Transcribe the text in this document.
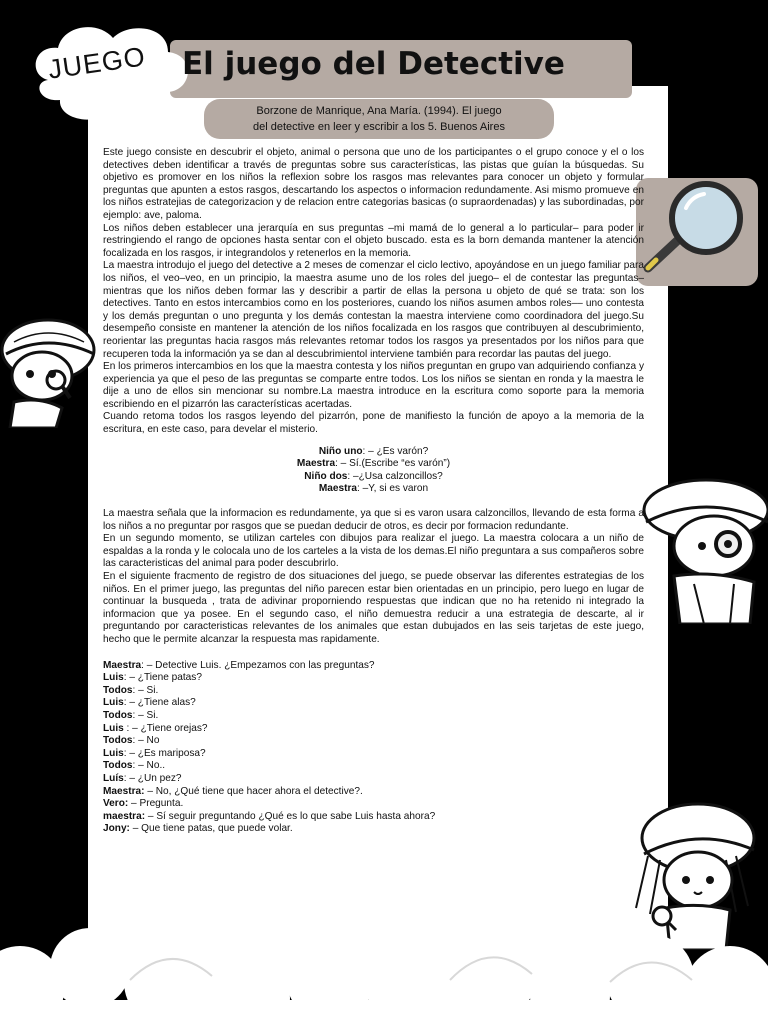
JUEGO El juego del Detective
Borzone de Manrique, Ana María. (1994). El juego
del detective en leer y escribir a los 5. Buenos Aires

Este juego consiste en descubrir el objeto, animal o persona que uno de los participantes o el grupo conoce y el o los detectives deben identificar a través de preguntas sobre sus características, las pistas que guían la búsquedas. Su objetivo es promover en los niños la reflexion sobre los rasgos mas relevantes para conocer un objeto y formular preguntas que apunten a estos rasgos, descartando los aspectos o informacion redundamente. Asi mismo promueve en los niños estratejias de categorizacion y de relacion entre categorias basicas (o supraordenadas) y las subordinadas, por ejemplo: ave, paloma.

Los niños deben establecer una jerarquía en sus preguntas –mi mamá de lo general a lo particular– para poder ir restringiendo el rango de opciones hasta sentar con el objeto buscado. esta es la born demanda mantener la atención focalizada en los rasgos, ir integrandolos y retenerlos en la memoria.

La maestra introdujo el juego del detective a 2 meses de comenzar el ciclo lectivo, apoyándose en un juego familiar para los niños, el veo–veo, en un principio, la maestra asume uno de los roles del juego– el de contestar las preguntas– mientras que los niños deben formar las y describir a partir de ellas la persona u objeto de qué se trata: son los detectives. Tanto en estos intercambios como en los posteriores, cuando los niños asumen ambos roles–– uno contesta y los demás preguntan o uno pregunta y los demás contestan la maestra interviene como coordinadora del juego.Su desempeño consiste en mantener la atención de los niños focalizada en los rasgos que contribuyen al descubrimiento, reorientar las preguntas hacia rasgos más relevantes retomar todos los rasgos ya presentados por los niños para que recuperen toda la información ya se dan al descubrimientol interviene también para recordar las pautas del juego.

En los primeros intercambios en los que la maestra contesta y los niños preguntan en grupo van adquiriendo confianza y experiencia ya que el peso de las preguntas se comparte entre todos. Los los niños se sientan en ronda y la maestra le dije a uno de ellos sin mencionar su nombre.La maestra introduce en la escritura como soporte para la memoria escribiendo en el pizarrón las características acertadas.

Cuando retoma todos los rasgos leyendo del pizarrón, pone de manifiesto la función de apoyo a la memoria de la escritura, en este caso, para develar el misterio.

Niño uno: – ¿Es varón?
Maestra: – Sí.(Escribe “es varón”)
Niño dos: –¿Usa calzoncillos?
Maestra: –Y, si es varon

La maestra señala que la informacion es redundamente, ya que si es varon usara calzoncillos, llevando de esta forma a los niños a no preguntar por rasgos que se puedan deducir de otros, es decir por formacion redundante.

En un segundo momento, se utilizan carteles con dibujos para realizar el juego. La maestra colocara a un niño de espaldas a la ronda y le colocala uno de los carteles a la vista de los demas.El niño preguntara a sus compañeros sobre las caracteristicas del animal para poder descubrirlo.

En el siguiente fracmento de registro de dos situaciones del juego, se puede observar las diferentes estrategias de los niños. En el primer juego, las preguntas del niño parecen estar bien orientadas en un principio, pero luego en lugar de continuar la busqueda , trata de adivinar proporniendo respuestas que indican que no ha retenido ni integrado la informacion que ya posee. En el segundo caso, el niño demuestra reducir a una estrategia de descarte, al ir preguntando por caracteristicas relevantes de los animales que estan dubujados en las seis tarjetas de este juego, hecho que le permite alcanzar la respuesta mas rapidamente.

Maestra: – Detective Luis. ¿Empezamos con las preguntas?
Luis: – ¿Tiene patas?
Todos: – Si.
Luis: – ¿Tiene alas?
Todos: – Si.
Luis : – ¿Tiene orejas?
Todos: – No
Luis: – ¿Es mariposa?
Todos: – No..
Luís: – ¿Un pez?
Maestra: – No, ¿Qué tiene que hacer ahora el detective?.
Vero: – Pregunta.
maestra: – Sí seguir preguntando ¿Qué es lo que sabe Luis hasta ahora?
Jony: – Que tiene patas, que puede volar.
